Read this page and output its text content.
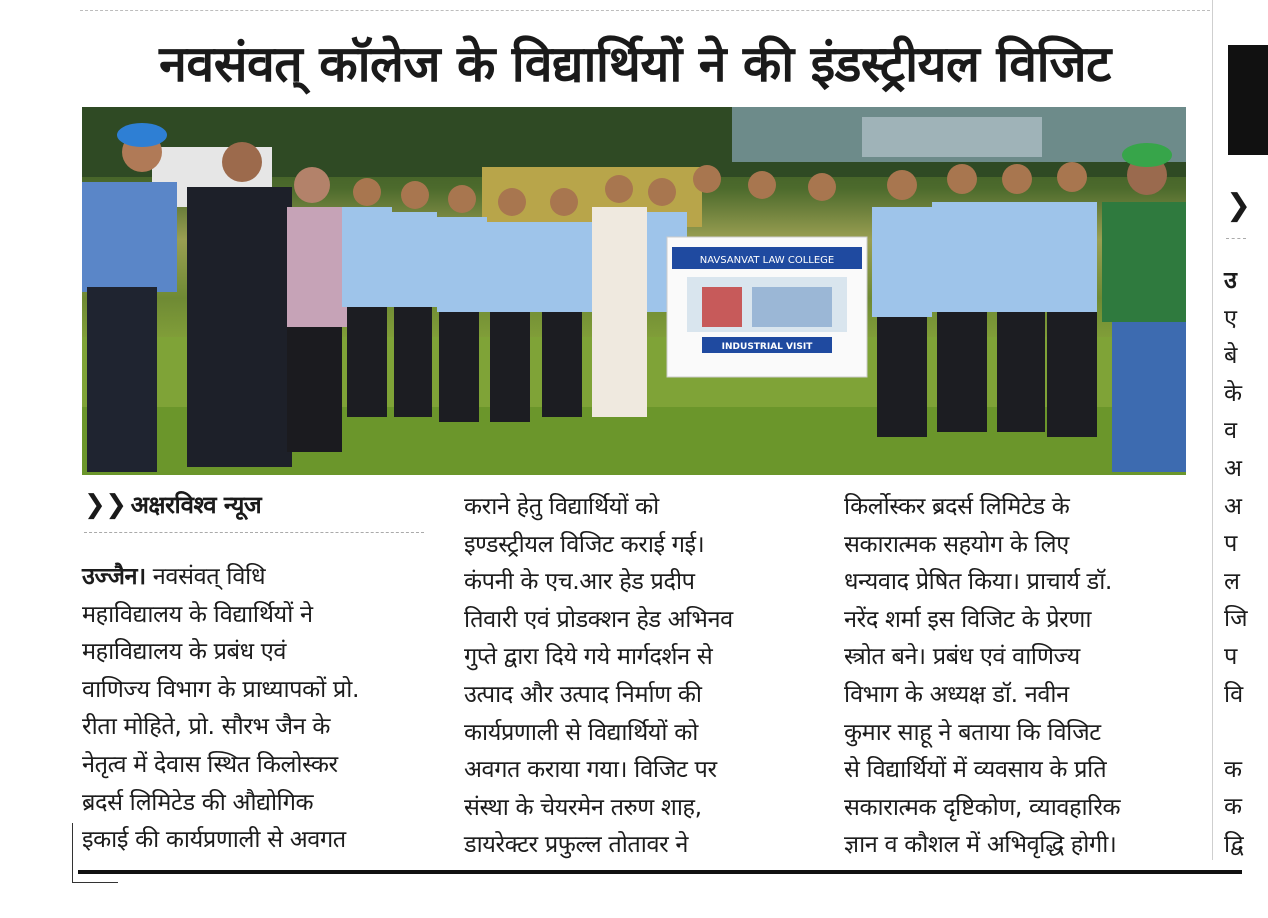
नवसंवत् कॉलेज के विद्यार्थियों ने की इंडस्ट्रीयल विजिट
NAVSANVAT LAW COLLEGE
INDUSTRIAL VISIT
❯❯ अक्षरविश्व न्यूज

उज्जैन। नवसंवत् विधि

महाविद्यालय के विद्यार्थियों ने

महाविद्यालय के प्रबंध एवं

वाणिज्य विभाग के प्राध्यापकों प्रो.

रीता मोहिते, प्रो. सौरभ जैन के

नेतृत्व में देवास स्थित किलोस्कर

ब्रदर्स लिमिटेड की औद्योगिक

इकाई की कार्यप्रणाली से अवगत

कराने हेतु विद्यार्थियों को

इण्डस्ट्रीयल विजिट कराई गई।

कंपनी के एच.आर हेड प्रदीप

तिवारी एवं प्रोडक्शन हेड अभिनव

गुप्ते द्वारा दिये गये मार्गदर्शन से

उत्पाद और उत्पाद निर्माण की

कार्यप्रणाली से विद्यार्थियों को

अवगत कराया गया। विजिट पर

संस्था के चेयरमेन तरुण शाह,

डायरेक्टर प्रफुल्ल तोतावर ने

किर्लोस्कर ब्रदर्स लिमिटेड के

सकारात्मक सहयोग के लिए

धन्यवाद प्रेषित किया। प्राचार्य डॉ.

नरेंद शर्मा इस विजिट के प्रेरणा

स्त्रोत बने। प्रबंध एवं वाणिज्य

विभाग के अध्यक्ष डॉ. नवीन

कुमार साहू ने बताया कि विजिट

से विद्यार्थियों में व्यवसाय के प्रति

सकारात्मक दृष्टिकोण, व्यावहारिक

ज्ञान व कौशल में अभिवृद्धि होगी।

❯

उ

ए

बे

के

व

अ

अ

प

ल

जि

प

वि

क

क

द्वि
